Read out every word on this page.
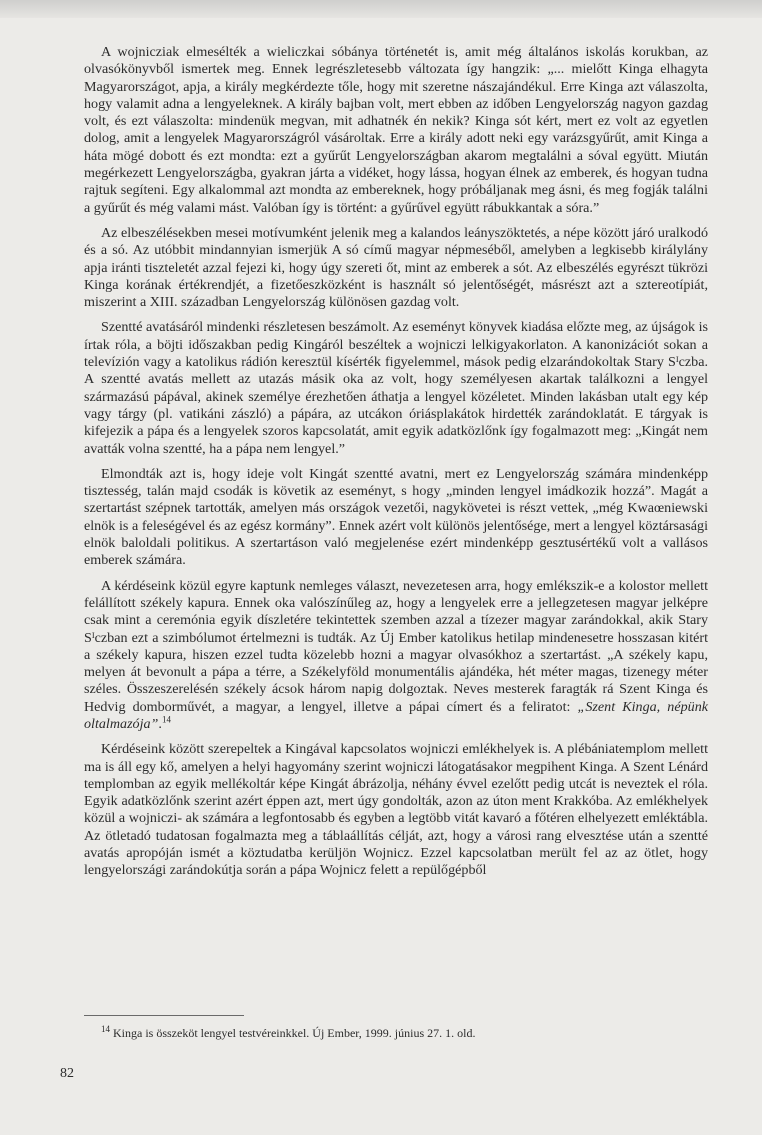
A wojnicziak elmesélték a wieliczkai sóbánya történetét is, amit még általános iskolás korukban, az olvasókönyvből ismertek meg. Ennek legrészletesebb változata így hangzik: „... mielőtt Kinga elhagyta Magyarországot, apja, a király megkérdezte tőle, hogy mit szeretne nászajándékul. Erre Kinga azt válaszolta, hogy valamit adna a lengyeleknek. A király bajban volt, mert ebben az időben Lengyelország nagyon gazdag volt, és ezt válaszolta: mindenük megvan, mit adhatnék én nekik? Kinga sót kért, mert ez volt az egyetlen dolog, amit a lengyelek Magyarországról vásároltak. Erre a király adott neki egy varázsgyűrűt, amit Kinga a háta mögé dobott és ezt mondta: ezt a gyűrűt Lengyelországban akarom megtalálni a sóval együtt. Miután megérkezett Lengyelországba, gyakran járta a vidéket, hogy lássa, hogyan élnek az emberek, és hogyan tudna rajtuk segíteni. Egy alkalommal azt mondta az embereknek, hogy próbáljanak meg ásni, és meg fogják találni a gyűrűt és még valami mást. Valóban így is történt: a gyűrűvel együtt rábukkantak a sóra.”

Az elbeszélésekben mesei motívumként jelenik meg a kalandos leányszöktetés, a népe között járó uralkodó és a só. Az utóbbit mindannyian ismerjük A só című magyar népmeséből, amelyben a legkisebb királylány apja iránti tiszteletét azzal fejezi ki, hogy úgy szereti őt, mint az emberek a sót. Az elbeszélés egyrészt tükrözi Kinga korának értékrendjét, a fizetőeszközként is használt só jelentőségét, másrészt azt a sztereotípiát, miszerint a XIII. században Lengyelország különösen gazdag volt.

Szentté avatásáról mindenki részletesen beszámolt. Az eseményt könyvek kiadása előzte meg, az újságok is írtak róla, a böjti időszakban pedig Kingáról beszéltek a wojniczi lelkigyakorlaton. A kanonizációt sokan a televízión vagy a katolikus rádión keresztül kísérték figyelemmel, mások pedig elzarándokoltak Stary Sᴵczba. A szentté avatás mellett az utazás másik oka az volt, hogy személyesen akartak találkozni a lengyel származású pápával, akinek személye érezhetően áthatja a lengyel közéletet. Minden lakásban utalt egy kép vagy tárgy (pl. vatikáni zászló) a pápára, az utcákon óriásplakátok hirdették zarándoklatát. E tárgyak is kifejezik a pápa és a lengyelek szoros kapcsolatát, amit egyik adatközlőnk így fogalmazott meg: „Kingát nem avatták volna szentté, ha a pápa nem lengyel.”

Elmondták azt is, hogy ideje volt Kingát szentté avatni, mert ez Lengyelország számára mindenképp tisztesség, talán majd csodák is követik az eseményt, s hogy „minden lengyel imádkozik hozzá”. Magát a szertartást szépnek tartották, amelyen más országok vezetői, nagykövetei is részt vettek, „még Kwaœniewski elnök is a feleségével és az egész kormány”. Ennek azért volt különös jelentősége, mert a lengyel köztársasági elnök baloldali politikus. A szertartáson való megjelenése ezért mindenképp gesztusértékű volt a vallásos emberek számára.

A kérdéseink közül egyre kaptunk nemleges választ, nevezetesen arra, hogy emlékszik-e a kolostor mellett felállított székely kapura. Ennek oka valószínűleg az, hogy a lengyelek erre a jellegzetesen magyar jelképre csak mint a ceremónia egyik díszletére tekintettek szemben azzal a tízezer magyar zarándokkal, akik Stary Sᴵczban ezt a szimbólumot értelmezni is tudták. Az Új Ember katolikus hetilap mindenesetre hosszasan kitért a székely kapura, hiszen ezzel tudta közelebb hozni a magyar olvasókhoz a szertartást. „A székely kapu, melyen át bevonult a pápa a térre, a Székelyföld monumentális ajándéka, hét méter magas, tizenegy méter széles. Összeszerelésén székely ácsok három napig dolgoztak. Neves mesterek faragták rá Szent Kinga és Hedvig domborművét, a magyar, a lengyel, illetve a pápai címert és a feliratot: „Szent Kinga, népünk oltalmazója”.$^{14}$

Kérdéseink között szerepeltek a Kingával kapcsolatos wojniczi emlékhelyek is. A plébániatemplom mellett ma is áll egy kő, amelyen a helyi hagyomány szerint wojniczi látogatásakor megpihent Kinga. A Szent Lénárd templomban az egyik mellékoltár képe Kingát ábrázolja, néhány évvel ezelőtt pedig utcát is neveztek el róla. Egyik adatközlőnk szerint azért éppen azt, mert úgy gondolták, azon az úton ment Krakkóba. Az emlékhelyek közül a wojniczi- ak számára a legfontosabb és egyben a legtöbb vitát kavaró a főtéren elhelyezett emléktábla. Az ötletadó tudatosan fogalmazta meg a táblaállítás célját, azt, hogy a városi rang elvesztése után a szentté avatás apropóján ismét a köztudatba kerüljön Wojnicz. Ezzel kapcsolatban merült fel az az ötlet, hogy lengyelországi zarándokútja során a pápa Wojnicz felett a repülőgépből

$^{14}$ Kinga is összeköt lengyel testvéreinkkel. Új Ember, 1999. június 27. 1. old.
82
